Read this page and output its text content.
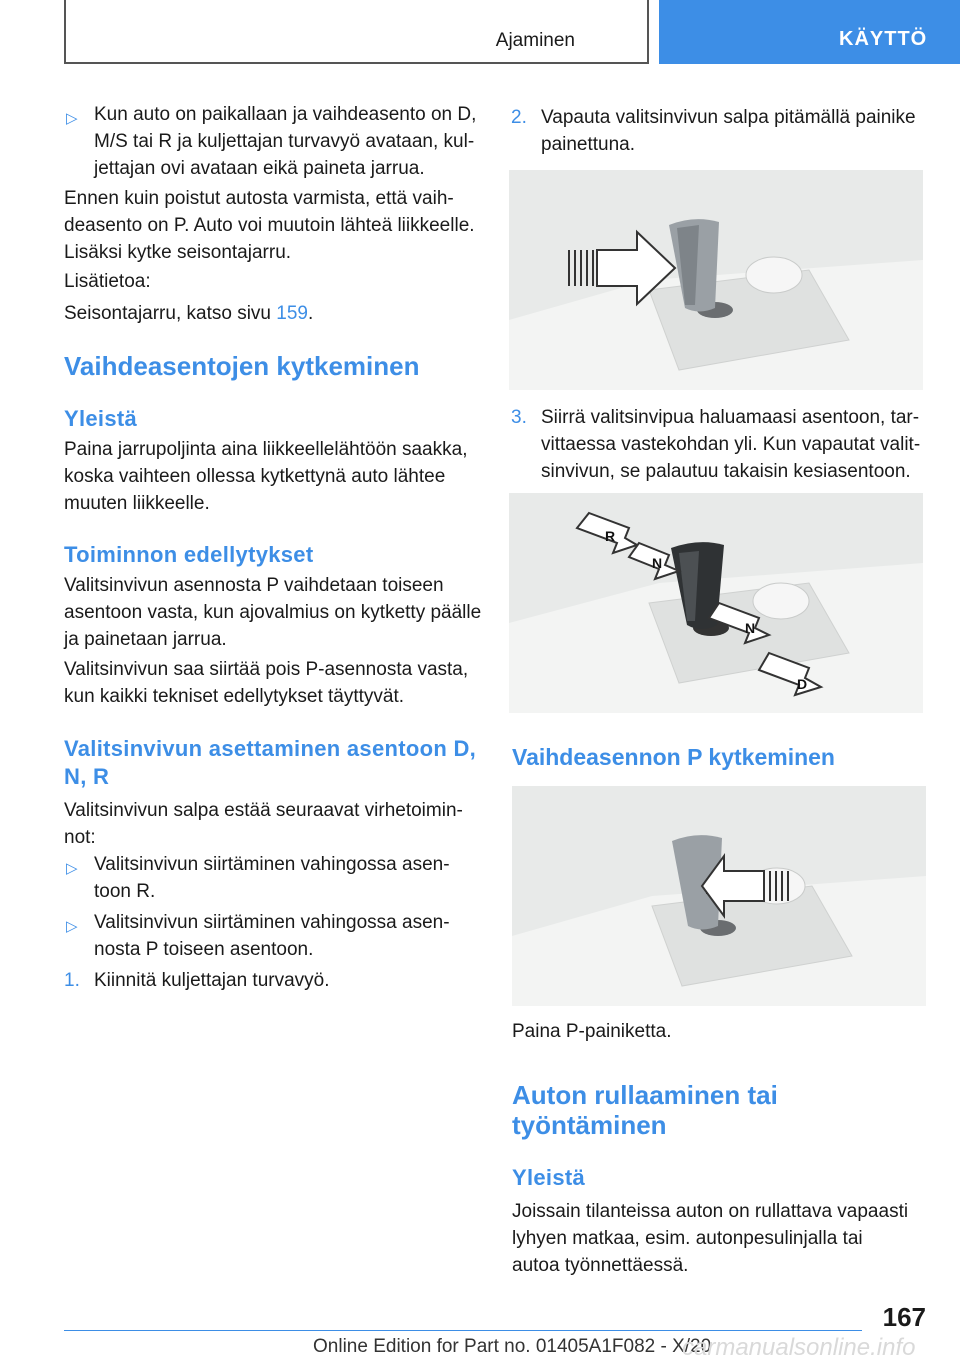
Ajaminen	KÄYTTÖ
▷ Kun auto on paikallaan ja vaihdeasento on D, M/S tai R ja kuljettajan turvavyö avataan, kul- jettajan ovi avataan eikä paineta jarrua.

Ennen kuin poistut autosta varmista, että vaih- deasento on P. Auto voi muutoin lähteä liikkeelle. Lisäksi kytke seisontajarru.

Lisätietoa:

Seisontajarru, katso sivu 159.

Vaihdeasentojen kytkeminen
Yleistä

Paina jarrupoljinta aina liikkeellelähtöön saakka, koska vaihteen ollessa kytkettynä auto lähtee muuten liikkeelle.

Toiminnon edellytykset

Valitsinvivun asennosta P vaihdetaan toiseen asentoon vasta, kun ajovalmius on kytketty päälle ja painetaan jarrua.

Valitsinvivun saa siirtää pois P-asennosta vasta, kun kaikki tekniset edellytykset täyttyvät.

Valitsinvivun asettaminen asentoon D, N, R

Valitsinvivun salpa estää seuraavat virhetoimin- not:

▷ Valitsinvivun siirtäminen vahingossa asen- toon R.

▷ Valitsinvivun siirtäminen vahingossa asen- nosta P toiseen asentoon.

1. Kiinnitä kuljettajan turvavyö.

2. Vapauta valitsinvivun salpa pitämällä painike painettuna.

3. Siirrä valitsinvipua haluamaasi asentoon, tar- vittaessa vastekohdan yli. Kun vapautat valit- sinvivun, se palautuu takaisin kesiasentoon.

R
N
N
D
Vaihdeasennon P kytkeminen

Paina P-painiketta.

Auton rullaaminen tai työntäminen
Yleistä

Joissain tilanteissa auton on rullattava vapaasti lyhyen matkaa, esim. autonpesulinjalla tai autoa työnnettäessä.

167
Online Edition for Part no. 01405A1F082 - X/20
carmanualsonline.info
